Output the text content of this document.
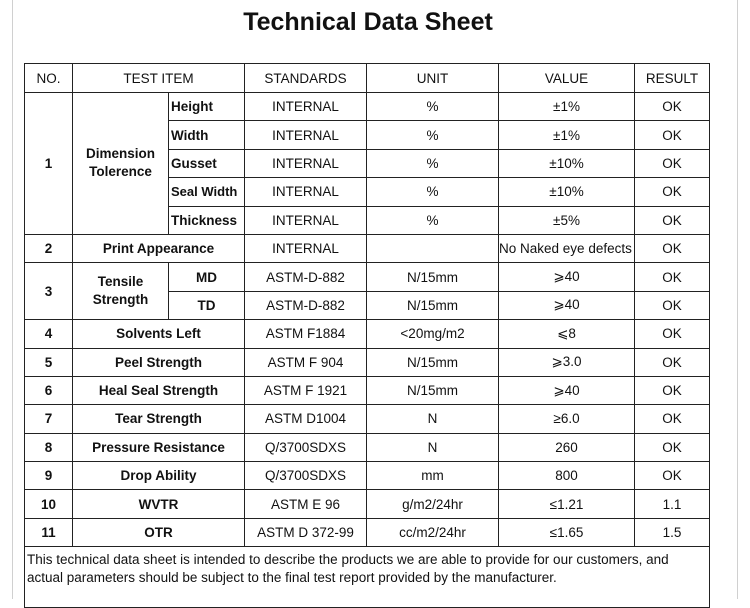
Technical Data Sheet
NO.	TEST ITEM		STANDARDS	UNIT	VALUE	RESULT
1	Dimension Tolerence	Height	INTERNAL	%	±1%	OK
		Width	INTERNAL	%	±1%	OK
		Gusset	INTERNAL	%	±10%	OK
		Seal Width	INTERNAL	%	±10%	OK
		Thickness	INTERNAL	%	±5%	OK
2	Print Appearance		INTERNAL		No Naked eye defects	OK
3	Tensile Strength	MD	ASTM-D-882	N/15mm	⩾40	OK
		TD	ASTM-D-882	N/15mm	⩾40	OK
4	Solvents Left		ASTM F1884	<20mg/m2	⩽8	OK
5	Peel Strength		ASTM F 904	N/15mm	⩾3.0	OK
6	Heal Seal Strength		ASTM F 1921	N/15mm	⩾40	OK
7	Tear Strength		ASTM D1004	N	≥6.0	OK
8	Pressure Resistance		Q/3700SDXS	N	260	OK
9	Drop Ability		Q/3700SDXS	mm	800	OK
10	WVTR		ASTM E 96	g/m2/24hr	≤1.21	1.1
11	OTR		ASTM D 372-99	cc/m2/24hr	≤1.65	1.5
This technical data sheet is intended to describe the products we are able to provide for our customers, and actual parameters should be subject to the final test report provided by the manufacturer.						
